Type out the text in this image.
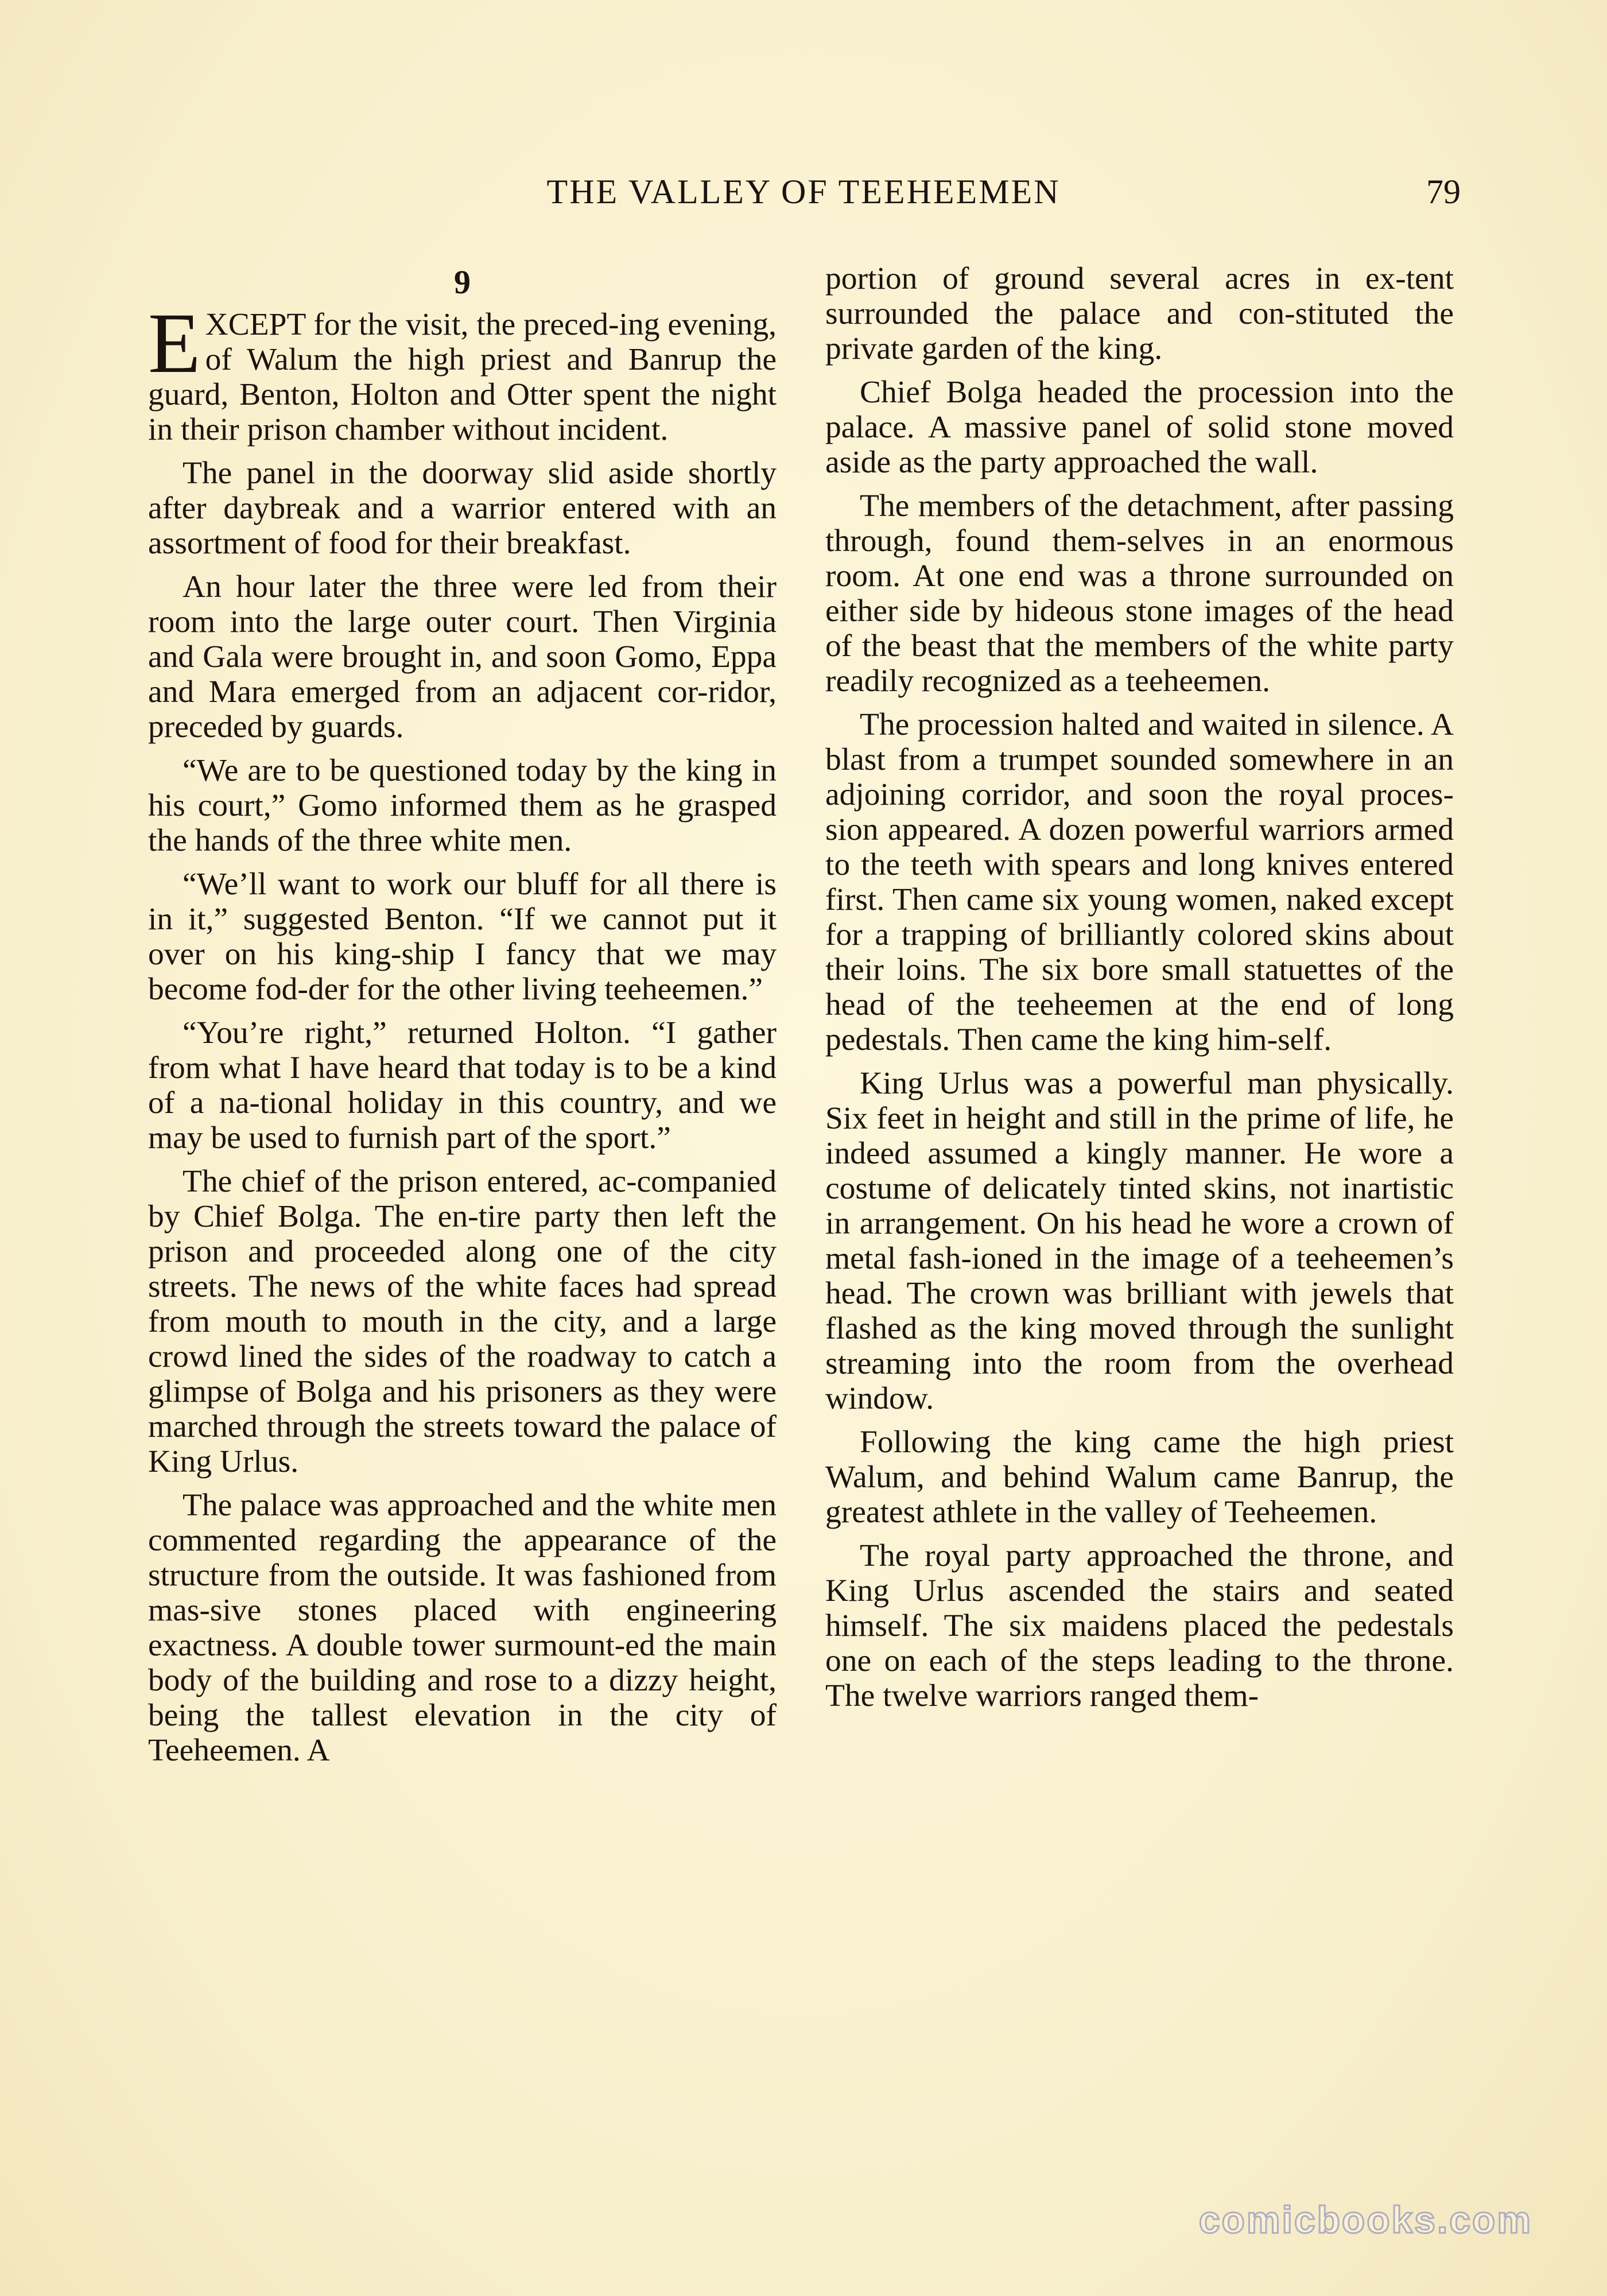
THE VALLEY OF TEEHEEMEN	79
9

EXCEPT for the visit, the preced-ing evening, of Walum the high priest and Banrup the guard, Benton, Holton and Otter spent the night in their prison chamber without incident.

The panel in the doorway slid aside shortly after daybreak and a warrior entered with an assortment of food for their breakfast.

An hour later the three were led from their room into the large outer court. Then Virginia and Gala were brought in, and soon Gomo, Eppa and Mara emerged from an adjacent cor-ridor, preceded by guards.

“We are to be questioned today by the king in his court,” Gomo informed them as he grasped the hands of the three white men.

“We’ll want to work our bluff for all there is in it,” suggested Benton. “If we cannot put it over on his king-ship I fancy that we may become fod-der for the other living teeheemen.”

“You’re right,” returned Holton. “I gather from what I have heard that today is to be a kind of a na-tional holiday in this country, and we may be used to furnish part of the sport.”

The chief of the prison entered, ac-companied by Chief Bolga. The en-tire party then left the prison and proceeded along one of the city streets. The news of the white faces had spread from mouth to mouth in the city, and a large crowd lined the sides of the roadway to catch a glimpse of Bolga and his prisoners as they were marched through the streets toward the palace of King Urlus.

The palace was approached and the white men commented regarding the appearance of the structure from the outside. It was fashioned from mas-sive stones placed with engineering exactness. A double tower surmount-ed the main body of the building and rose to a dizzy height, being the tallest elevation in the city of Teeheemen. A

portion of ground several acres in ex-tent surrounded the palace and con-stituted the private garden of the king.

Chief Bolga headed the procession into the palace. A massive panel of solid stone moved aside as the party approached the wall.

The members of the detachment, after passing through, found them-selves in an enormous room. At one end was a throne surrounded on either side by hideous stone images of the head of the beast that the members of the white party readily recognized as a teeheemen.

The procession halted and waited in silence. A blast from a trumpet sounded somewhere in an adjoining corridor, and soon the royal proces-sion appeared. A dozen powerful warriors armed to the teeth with spears and long knives entered first. Then came six young women, naked except for a trapping of brilliantly colored skins about their loins. The six bore small statuettes of the head of the teeheemen at the end of long pedestals. Then came the king him-self.

King Urlus was a powerful man physically. Six feet in height and still in the prime of life, he indeed assumed a kingly manner. He wore a costume of delicately tinted skins, not inartistic in arrangement. On his head he wore a crown of metal fash-ioned in the image of a teeheemen’s head. The crown was brilliant with jewels that flashed as the king moved through the sunlight streaming into the room from the overhead window.

Following the king came the high priest Walum, and behind Walum came Banrup, the greatest athlete in the valley of Teeheemen.

The royal party approached the throne, and King Urlus ascended the stairs and seated himself. The six maidens placed the pedestals one on each of the steps leading to the throne. The twelve warriors ranged them-

comicbooks.com
